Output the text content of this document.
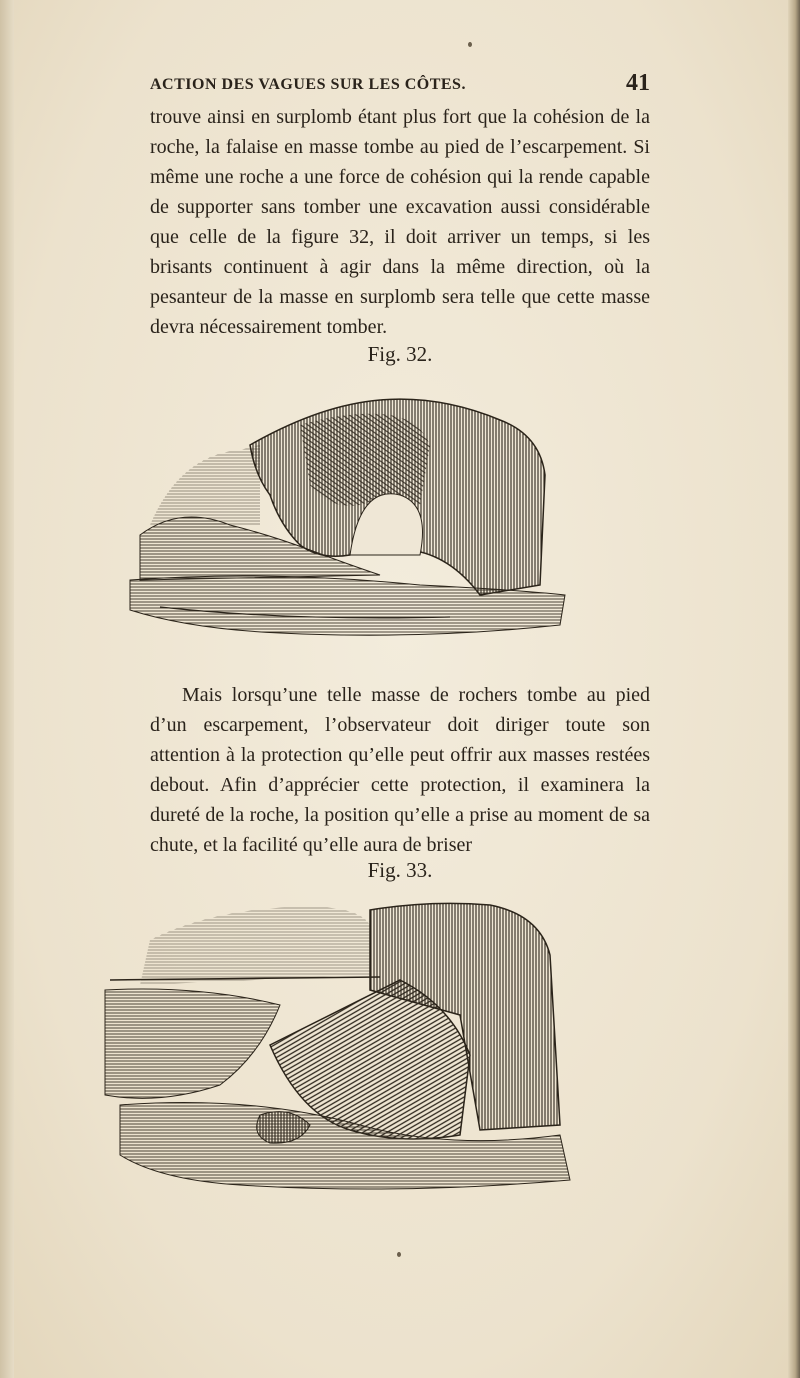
ACTION DES VAGUES SUR LES CÔTES.	41

trouve ainsi en surplomb étant plus fort que la cohésion de la roche, la falaise en masse tombe au pied de l’escarpement. Si même une roche a une force de cohésion qui la rende capable de supporter sans tomber une excavation aussi considérable que celle de la figure 32, il doit arriver un temps, si les brisants continuent à agir dans la même direction, où la pesanteur de la masse en surplomb sera telle que cette masse devra nécessairement tomber.

Fig. 32.

Mais lorsqu’une telle masse de rochers tombe au pied d’un escarpement, l’observateur doit diriger toute son attention à la protection qu’elle peut offrir aux masses restées debout. Afin d’apprécier cette protection, il examinera la dureté de la roche, la position qu’elle a prise au moment de sa chute, et la facilité qu’elle aura de briser

Fig. 33.
